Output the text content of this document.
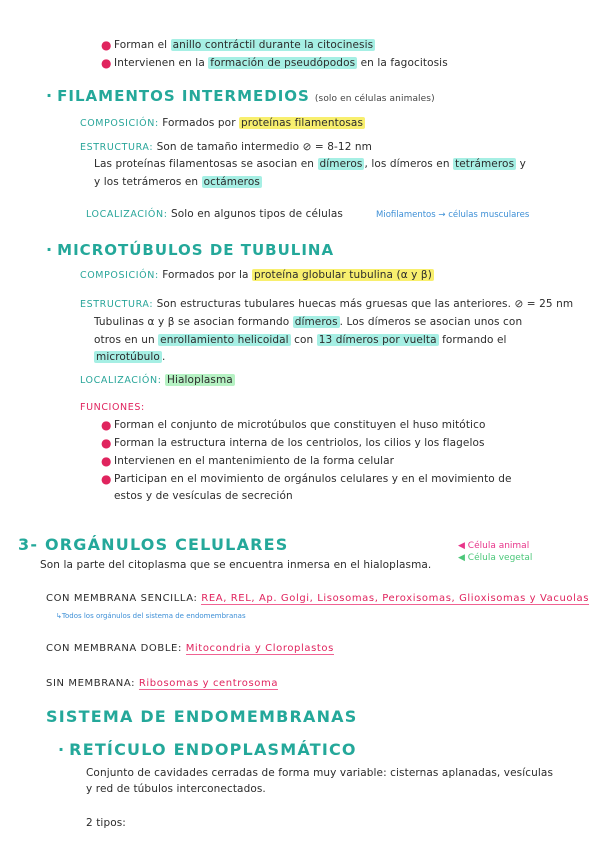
● Forman el anillo contráctil durante la citocinesis
● Intervienen en la formación de pseudópodos en la fagocitosis
· FILAMENTOS INTERMEDIOS (solo en células animales)
COMPOSICIÓN: Formados por proteínas filamentosas
ESTRUCTURA: Son de tamaño intermedio ⊘ = 8-12 nm
Las proteínas filamentosas se asocian en dímeros , los dímeros en tetrámeros y
y los tetrámeros en octámeros
LOCALIZACIÓN: Solo en algunos tipos de células	Miofilamentos → células musculares
· MICROTÚBULOS DE TUBULINA
COMPOSICIÓN: Formados por la proteína globular tubulina (α y β)
ESTRUCTURA: Son estructuras tubulares huecas más gruesas que las anteriores. ⊘ = 25 nm
Tubulinas α y β se asocian formando dímeros . Los dímeros se asocian unos con
otros en un enrollamiento helicoidal con 13 dímeros por vuelta formando el
microtúbulo .
LOCALIZACIÓN: Hialoplasma
FUNCIONES:
● Forman el conjunto de microtúbulos que constituyen el huso mitótico
● Forman la estructura interna de los centriolos, los cilios y los flagelos
● Intervienen en el mantenimiento de la forma celular
● Participan en el movimiento de orgánulos celulares y en el movimiento de
estos y de vesículas de secreción
3- ORGÁNULOS CELULARES	◀ Célula animal
◀ Célula vegetal
Son la parte del citoplasma que se encuentra inmersa en el hialoplasma.
CON MEMBRANA SENCILLA: REA, REL, Ap. Golgi, Lisosomas, Peroxisomas, Glioxisomas y Vacuolas
↳Todos los orgánulos del sistema de endomembranas
CON MEMBRANA DOBLE: Mitocondria y Cloroplastos
SIN MEMBRANA: Ribosomas y centrosoma
SISTEMA DE ENDOMEMBRANAS
· RETÍCULO ENDOPLASMÁTICO
Conjunto de cavidades cerradas de forma muy variable: cisternas aplanadas, vesículas
y red de túbulos interconectados.
2 tipos:
